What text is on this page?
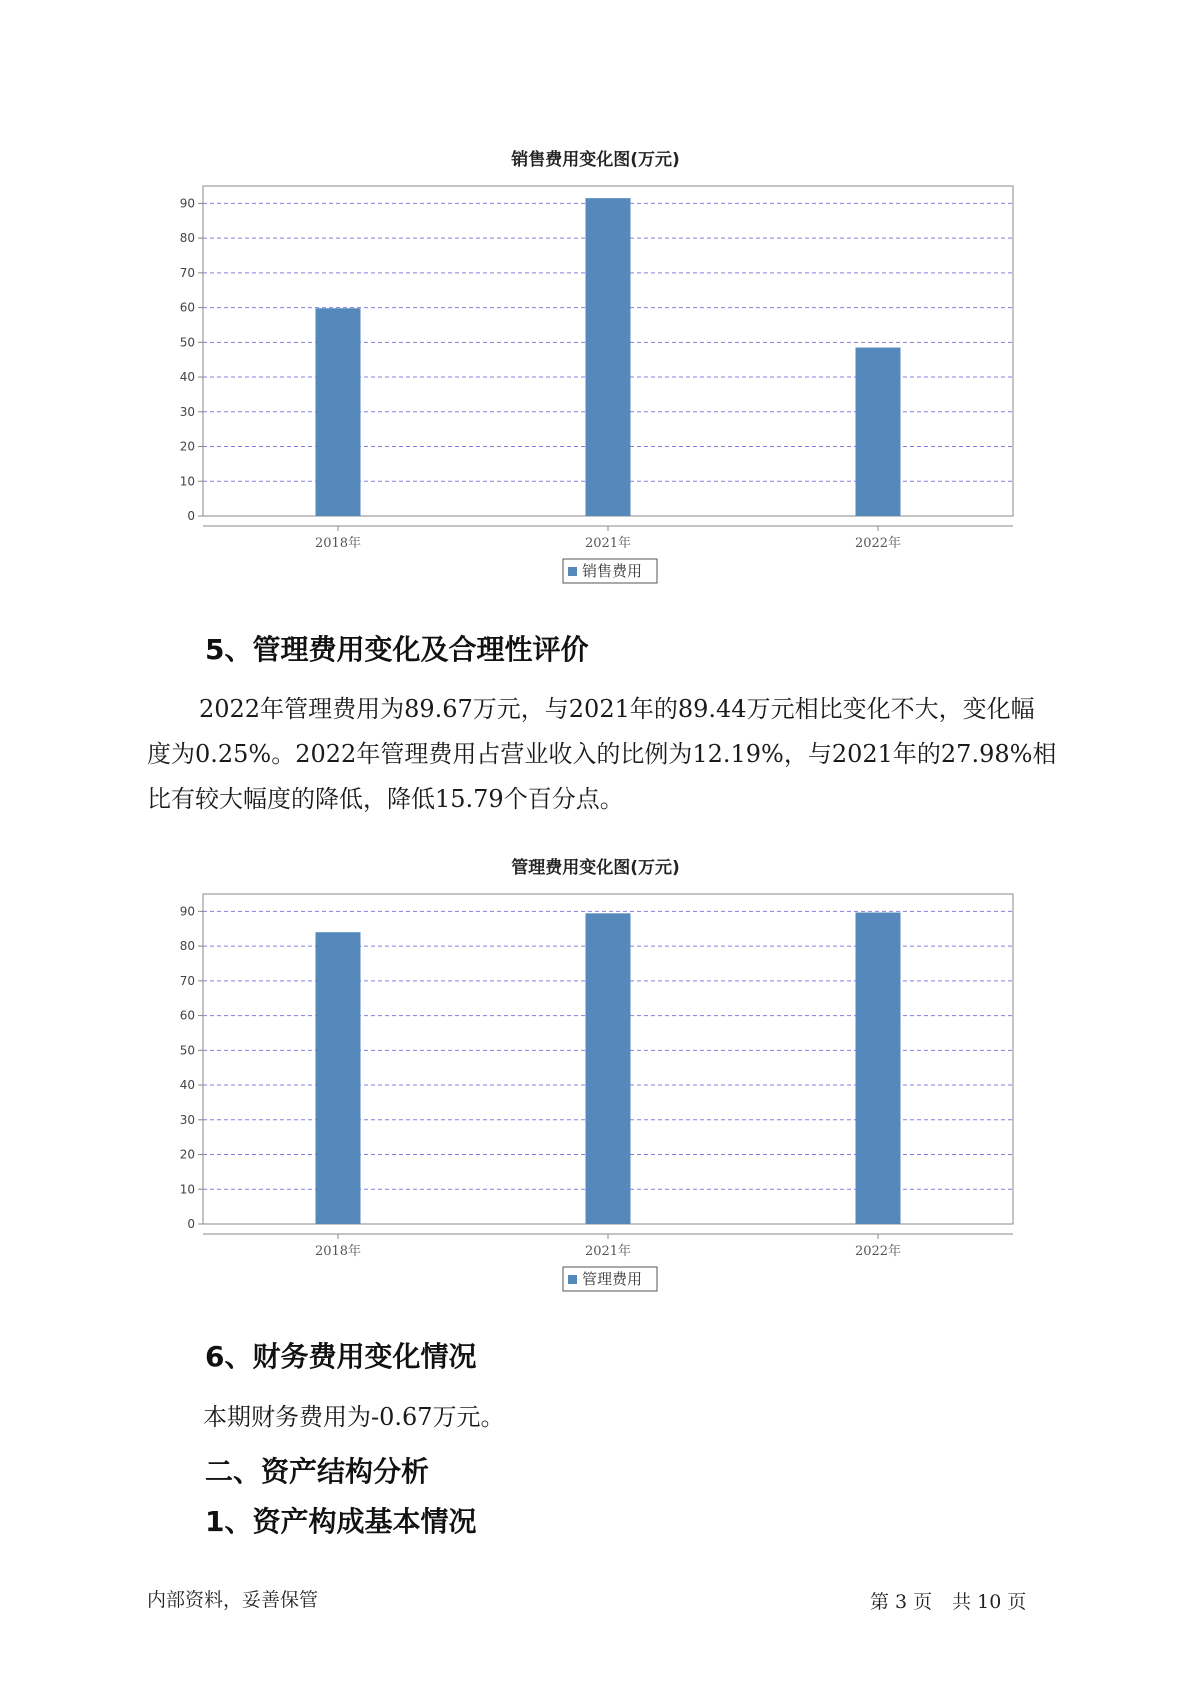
销售费用变化图(万元)
0
10
20
30
40
50
60
70
80
90
2018年	2021年	2022年
销售费用
5、管理费用变化及合理性评价

2022年管理费用为89.67万元，与2021年的89.44万元相比变化不大，变化幅度为0.25%。2022年管理费用占营业收入的比例为12.19%，与2021年的27.98%相比有较大幅度的降低，降低15.79个百分点。

管理费用变化图(万元)
0
10
20
30
40
50
60
70
80
90
2018年	2021年	2022年
管理费用
6、财务费用变化情况

本期财务费用为-0.67万元。

二、资产结构分析
1、资产构成基本情况
内部资料，妥善保管	第 3 页 共 10 页
